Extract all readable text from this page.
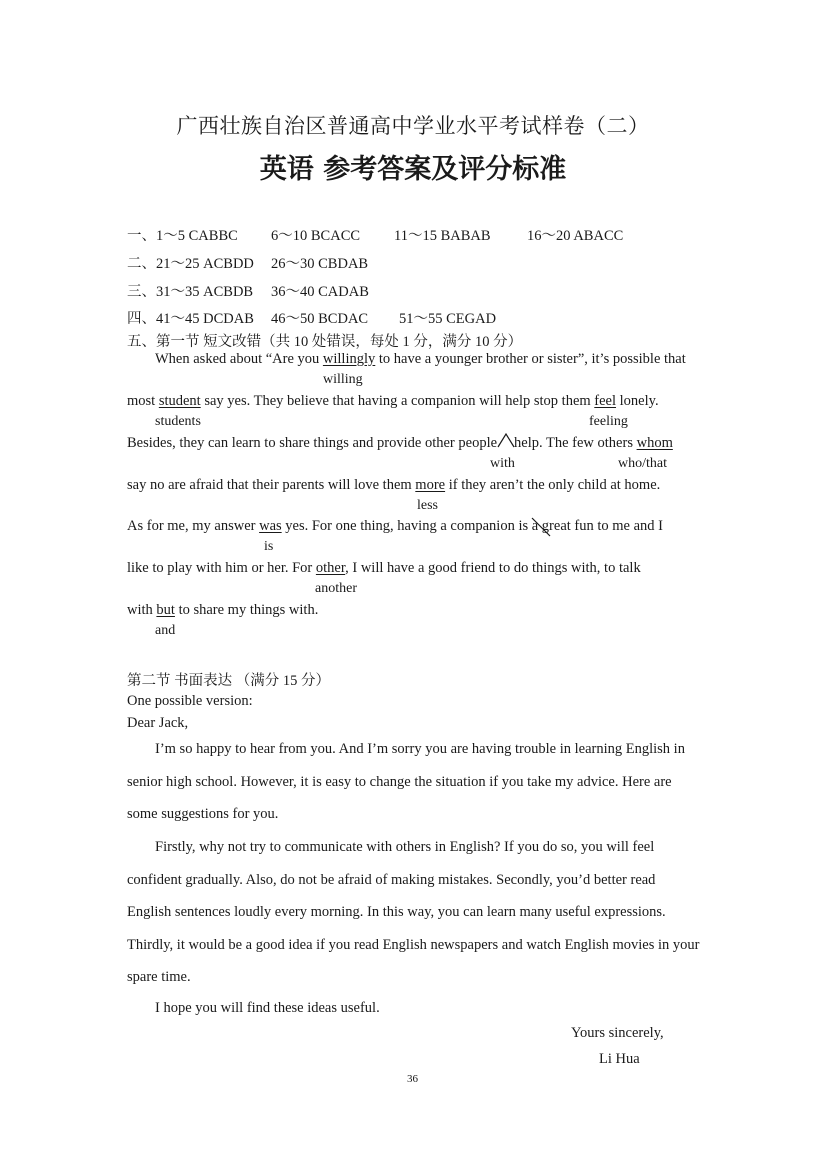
广西壮族自治区普通高中学业水平考试样卷（二）
英语 参考答案及评分标准
一、1～5 CABBC 6～10 BCACC 11～15 BABAB	16～20 ABACC
二、21～25 ACBDD 26～30 CBDAB
三、31～35 ACBDB 36～40 CADAB
四、41～45 DCDAB 46～50 BCDAC 51～55 CEGAD
五、第一节 短文改错（共 10 处错误，每处 1 分，满分 10 分）
When asked about “Are you willingly to have a younger brother or sister”, it’s possible that
willing
most student say yes. They believe that having a companion will help stop them feel lonely.
students	feeling
Besides, they can learn to share things and provide other people help. The few others whom
with	who/that
say no are afraid that their parents will love them more if they aren’t the only child at home.
less
As for me, my answer was yes. For one thing, having a companion is a great fun to me and I
is
like to play with him or her. For other, I will have a good friend to do things with, to talk
another
with but to share my things with.
and
第二节 书面表达 （满分 15 分）
One possible version:
Dear Jack,
I’m so happy to hear from you. And I’m sorry you are having trouble in learning English in
senior high school. However, it is easy to change the situation if you take my advice. Here are
some suggestions for you.
Firstly, why not try to communicate with others in English? If you do so, you will feel
confident gradually. Also, do not be afraid of making mistakes. Secondly, you’d better read
English sentences loudly every morning. In this way, you can learn many useful expressions.
Thirdly, it would be a good idea if you read English newspapers and watch English movies in your
spare time.
I hope you will find these ideas useful.
Yours sincerely,
Li Hua
36
